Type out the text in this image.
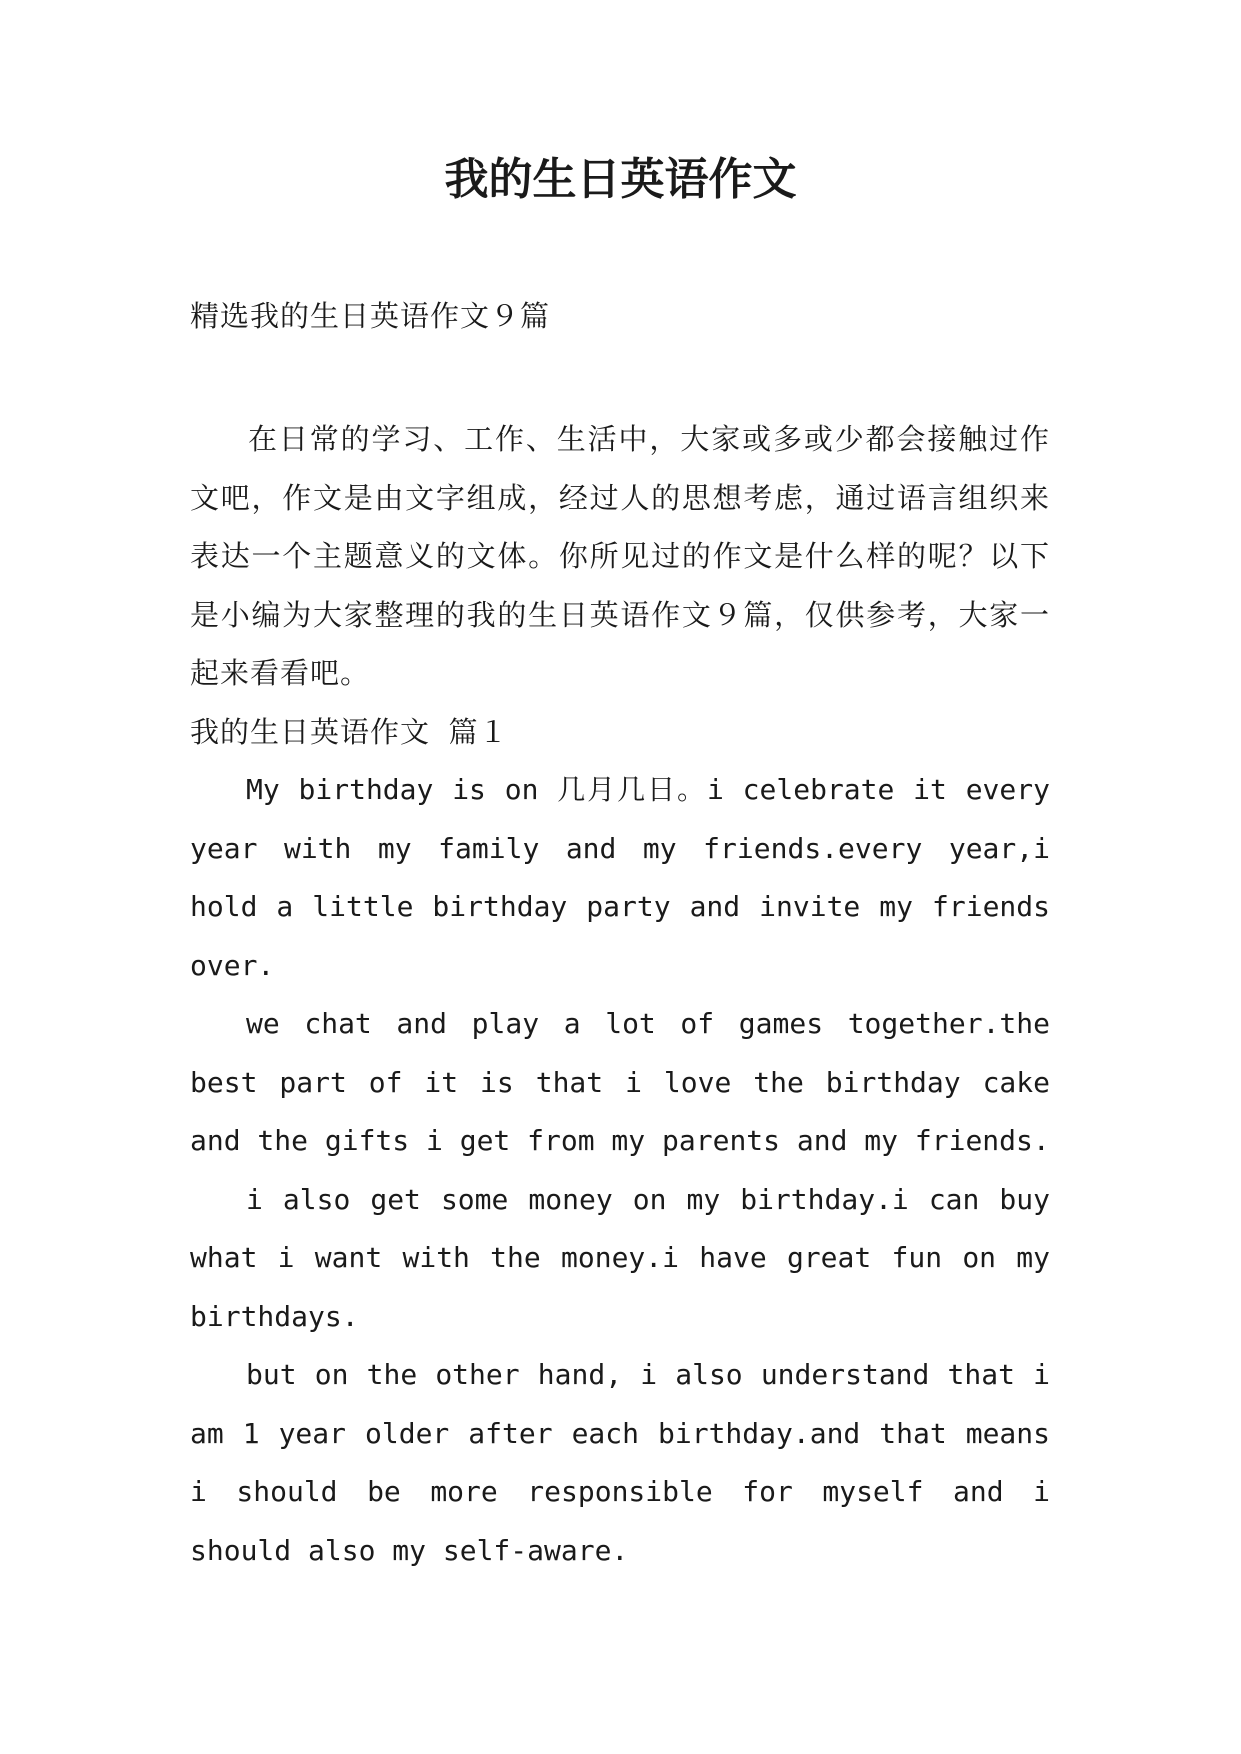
我的生日英语作文

精选我的生日英语作文９篇

在日常的学习、工作、生活中，大家或多或少都会接触过作文吧，作文是由文字组成，经过人的思想考虑，通过语言组织来表达一个主题意义的文体。你所见过的作文是什么样的呢？以下是小编为大家整理的我的生日英语作文９篇，仅供参考，大家一起来看看吧。

我的生日英语作文 篇１

My birthday is on 几月几日。i celebrate it every year with my family and my friends.every year,i hold a little birthday party and invite my friends over.

we chat and play a lot of games together.the best part of it is that i love the birthday cake and the gifts i get from my parents and my friends.

i also get some money on my birthday.i can buy what i want with the money.i have great fun on my birthdays.

but on the other hand, i also understand that i am 1 year older after each birthday.and that means i should be more responsible for myself and i should also my self-aware.
